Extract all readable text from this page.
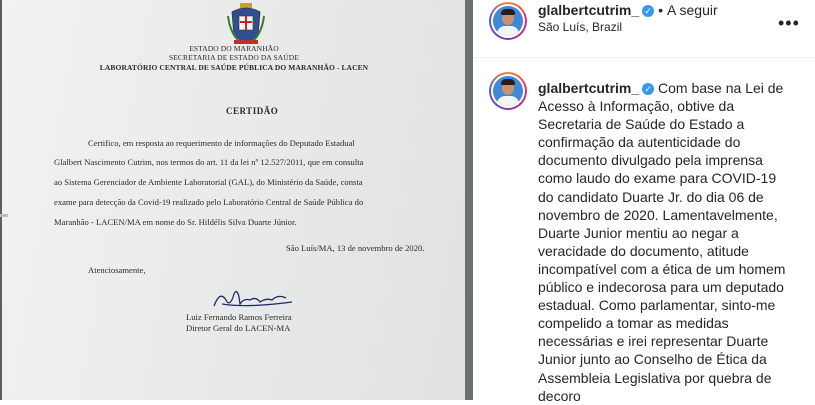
ESTADO DO MARANHÃO
SECRETARIA DE ESTADO DA SAÚDE
LABORATÓRIO CENTRAL DE SAÚDE PÚBLICA DO MARANHÃO - LACEN
CERTIDÃO
Certifico, em resposta ao requerimento de informações do Deputado Estadual
Glalbert Nascimento Cutrim, nos termos do art. 11 da lei nº 12.527/2011, que em consulta
ao Sistema Gerenciador de Ambiente Laboratorial (GAL), do Ministério da Saúde, consta
exame para detecção da Covid-19 realizado pelo Laboratório Central de Saúde Pública do
Maranhão - LACEN/MA em nome do Sr. Hildélis Silva Duarte Júnior.
São Luís/MA, 13 de novembro de 2020.
Atenciosamente,
Luiz Fernando Ramos Ferreira
Diretor Geral do LACEN-MA
glalbertcutrim_ ✓ • A seguir
São Luís, Brazil	•••
glalbertcutrim_ ✓ Com base na Lei de Acesso à Informação, obtive da Secretaria de Saúde do Estado a confirmação da autenticidade do documento divulgado pela imprensa como laudo do exame para COVID-19 do candidato Duarte Jr. do dia 06 de novembro de 2020. Lamentavelmente, Duarte Junior mentiu ao negar a veracidade do documento, atitude incompatível com a ética de um homem público e indecorosa para um deputado estadual. Como parlamentar, sinto-me compelido a tomar as medidas necessárias e irei representar Duarte Junior junto ao Conselho de Ética da Assembleia Legislativa por quebra de decoro
